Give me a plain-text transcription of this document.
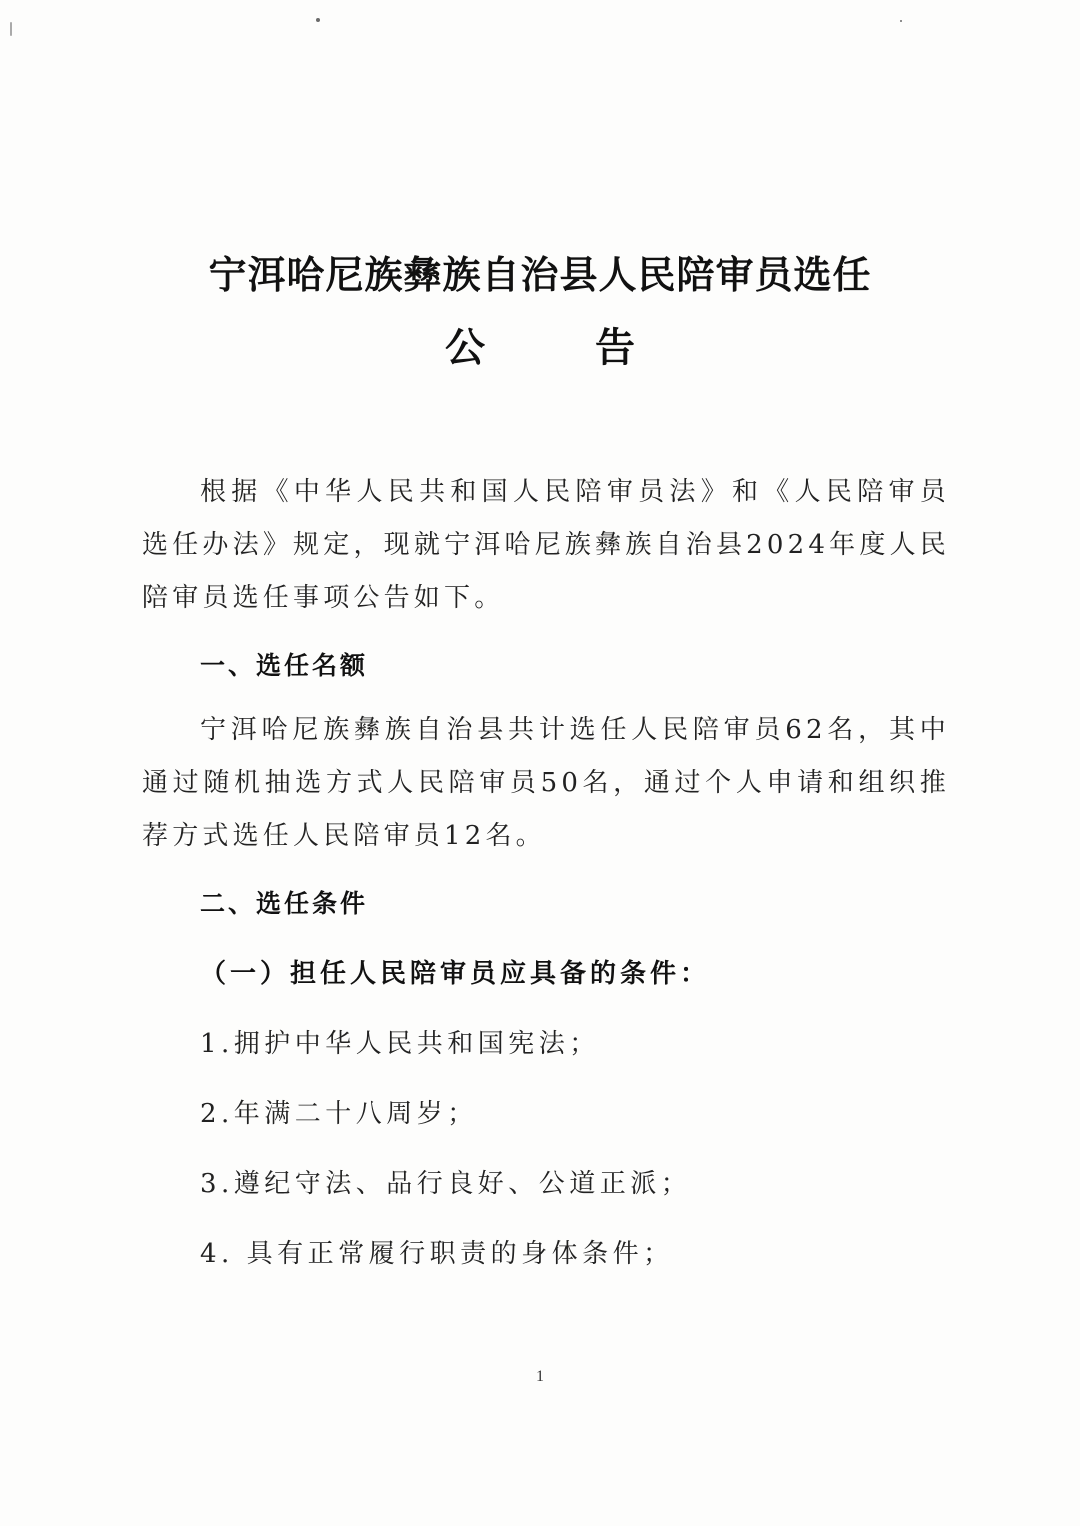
宁洱哈尼族彝族自治县人民陪审员选任
公告

根据《中华人民共和国人民陪审员法》和《人民陪审员选任办法》规定，现就宁洱哈尼族彝族自治县2024年度人民陪审员选任事项公告如下。

一、选任名额

宁洱哈尼族彝族自治县共计选任人民陪审员62名，其中通过随机抽选方式人民陪审员50名，通过个人申请和组织推荐方式选任人民陪审员12名。

二、选任条件
（一）担任人民陪审员应具备的条件：
1.拥护中华人民共和国宪法；
2.年满二十八周岁；
3.遵纪守法、品行良好、公道正派；
4. 具有正常履行职责的身体条件；
1
